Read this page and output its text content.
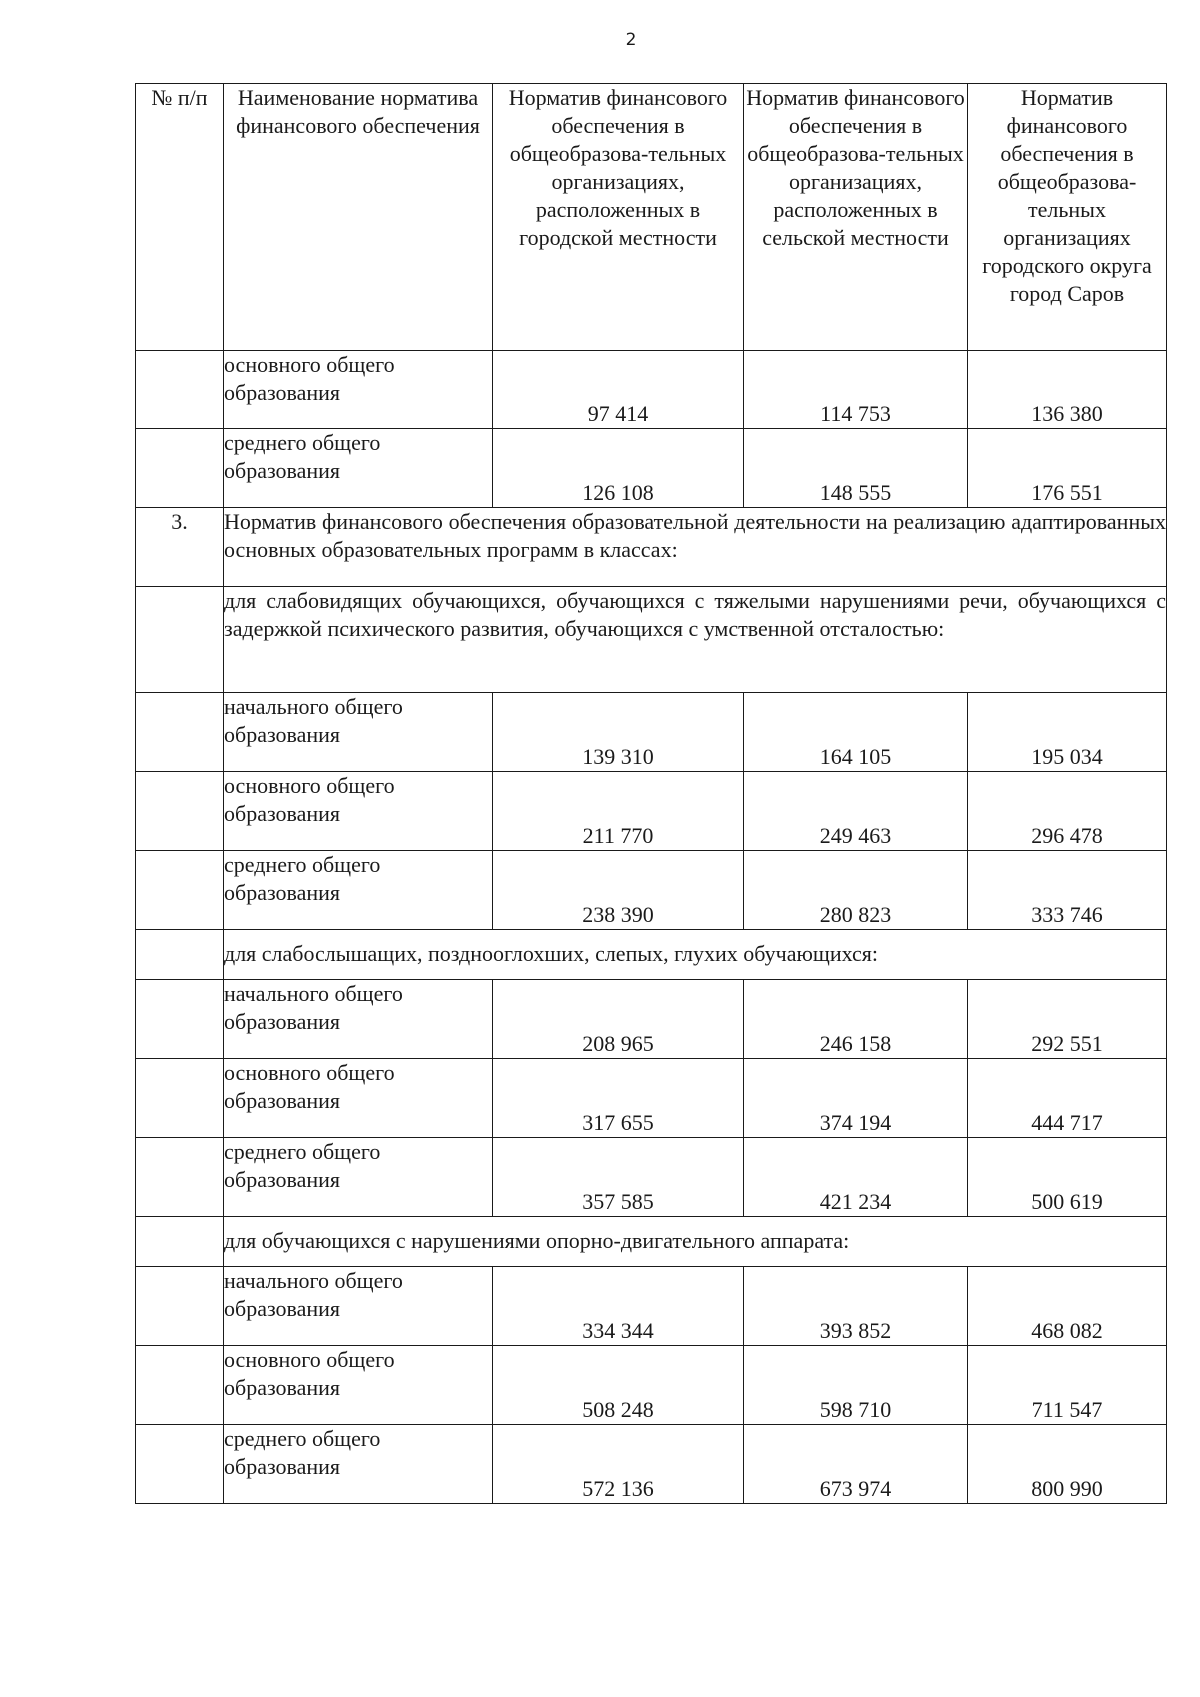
2
№ п/п	Наименование норматива финансового обеспечения	Норматив финансового обеспечения в общеобразова-тельных организациях, расположенных в городской местности	Норматив финансового обеспечения в общеобразова-тельных организациях, расположенных в сельской местности	Норматив финансового обеспечения в общеобразова-тельных организациях городского округа город Саров
	основного общего образования	97 414	114 753	136 380
	среднего общего образования	126 108	148 555	176 551
3.	Норматив финансового обеспечения образовательной деятельности на реализацию адаптированных основных образовательных программ в классах:			
	для слабовидящих обучающихся, обучающихся с тяжелыми нарушениями речи, обучающихся с задержкой психического развития, обучающихся с умственной отсталостью:			
	начального общего образования	139 310	164 105	195 034
	основного общего образования	211 770	249 463	296 478
	среднего общего образования	238 390	280 823	333 746
	для слабослышащих, позднооглохших, слепых, глухих обучающихся:			
	начального общего образования	208 965	246 158	292 551
	основного общего образования	317 655	374 194	444 717
	среднего общего образования	357 585	421 234	500 619
	для обучающихся с нарушениями опорно-двигательного аппарата:			
	начального общего образования	334 344	393 852	468 082
	основного общего образования	508 248	598 710	711 547
	среднего общего образования	572 136	673 974	800 990
